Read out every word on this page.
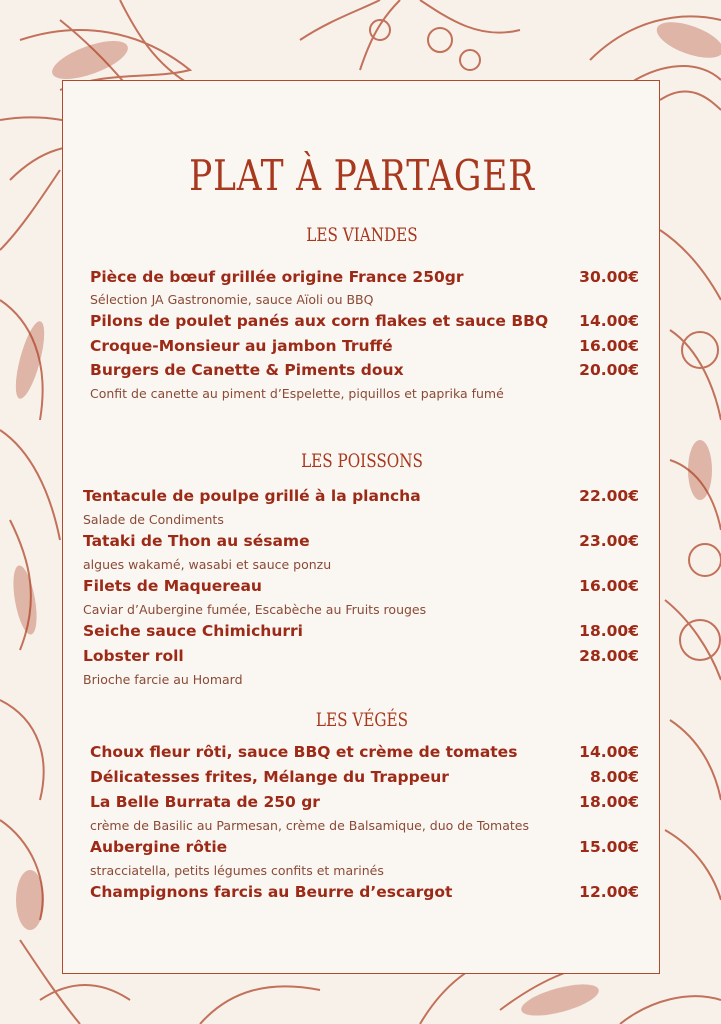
PLAT À PARTAGER
LES VIANDES
Pièce de bœuf grillée origine France 250gr	30.00€
Sélection JA Gastronomie, sauce Aïoli ou BBQ
Pilons de poulet panés aux corn flakes et sauce BBQ 14.00€
Croque-Monsieur au jambon Truffé	16.00€
Burgers de Canette & Piments doux	20.00€
Confit de canette au piment d’Espelette, piquillos et paprika fumé
LES POISSONS
Tentacule de poulpe grillé à la plancha	22.00€
Salade de Condiments
Tataki de Thon au sésame	23.00€
algues wakamé, wasabi et sauce ponzu
Filets de Maquereau	16.00€
Caviar d’Aubergine fumée, Escabèche au Fruits rouges
Seiche sauce Chimichurri	18.00€
Lobster roll	28.00€
Brioche farcie au Homard
LES VÉGÉS
Choux fleur rôti, sauce BBQ et crème de tomates	14.00€
Délicatesses frites, Mélange du Trappeur	8.00€
La Belle Burrata de 250 gr	18.00€
crème de Basilic au Parmesan, crème de Balsamique, duo de Tomates
Aubergine rôtie	15.00€
stracciatella, petits légumes confits et marinés
Champignons farcis au Beurre d’escargot	12.00€
